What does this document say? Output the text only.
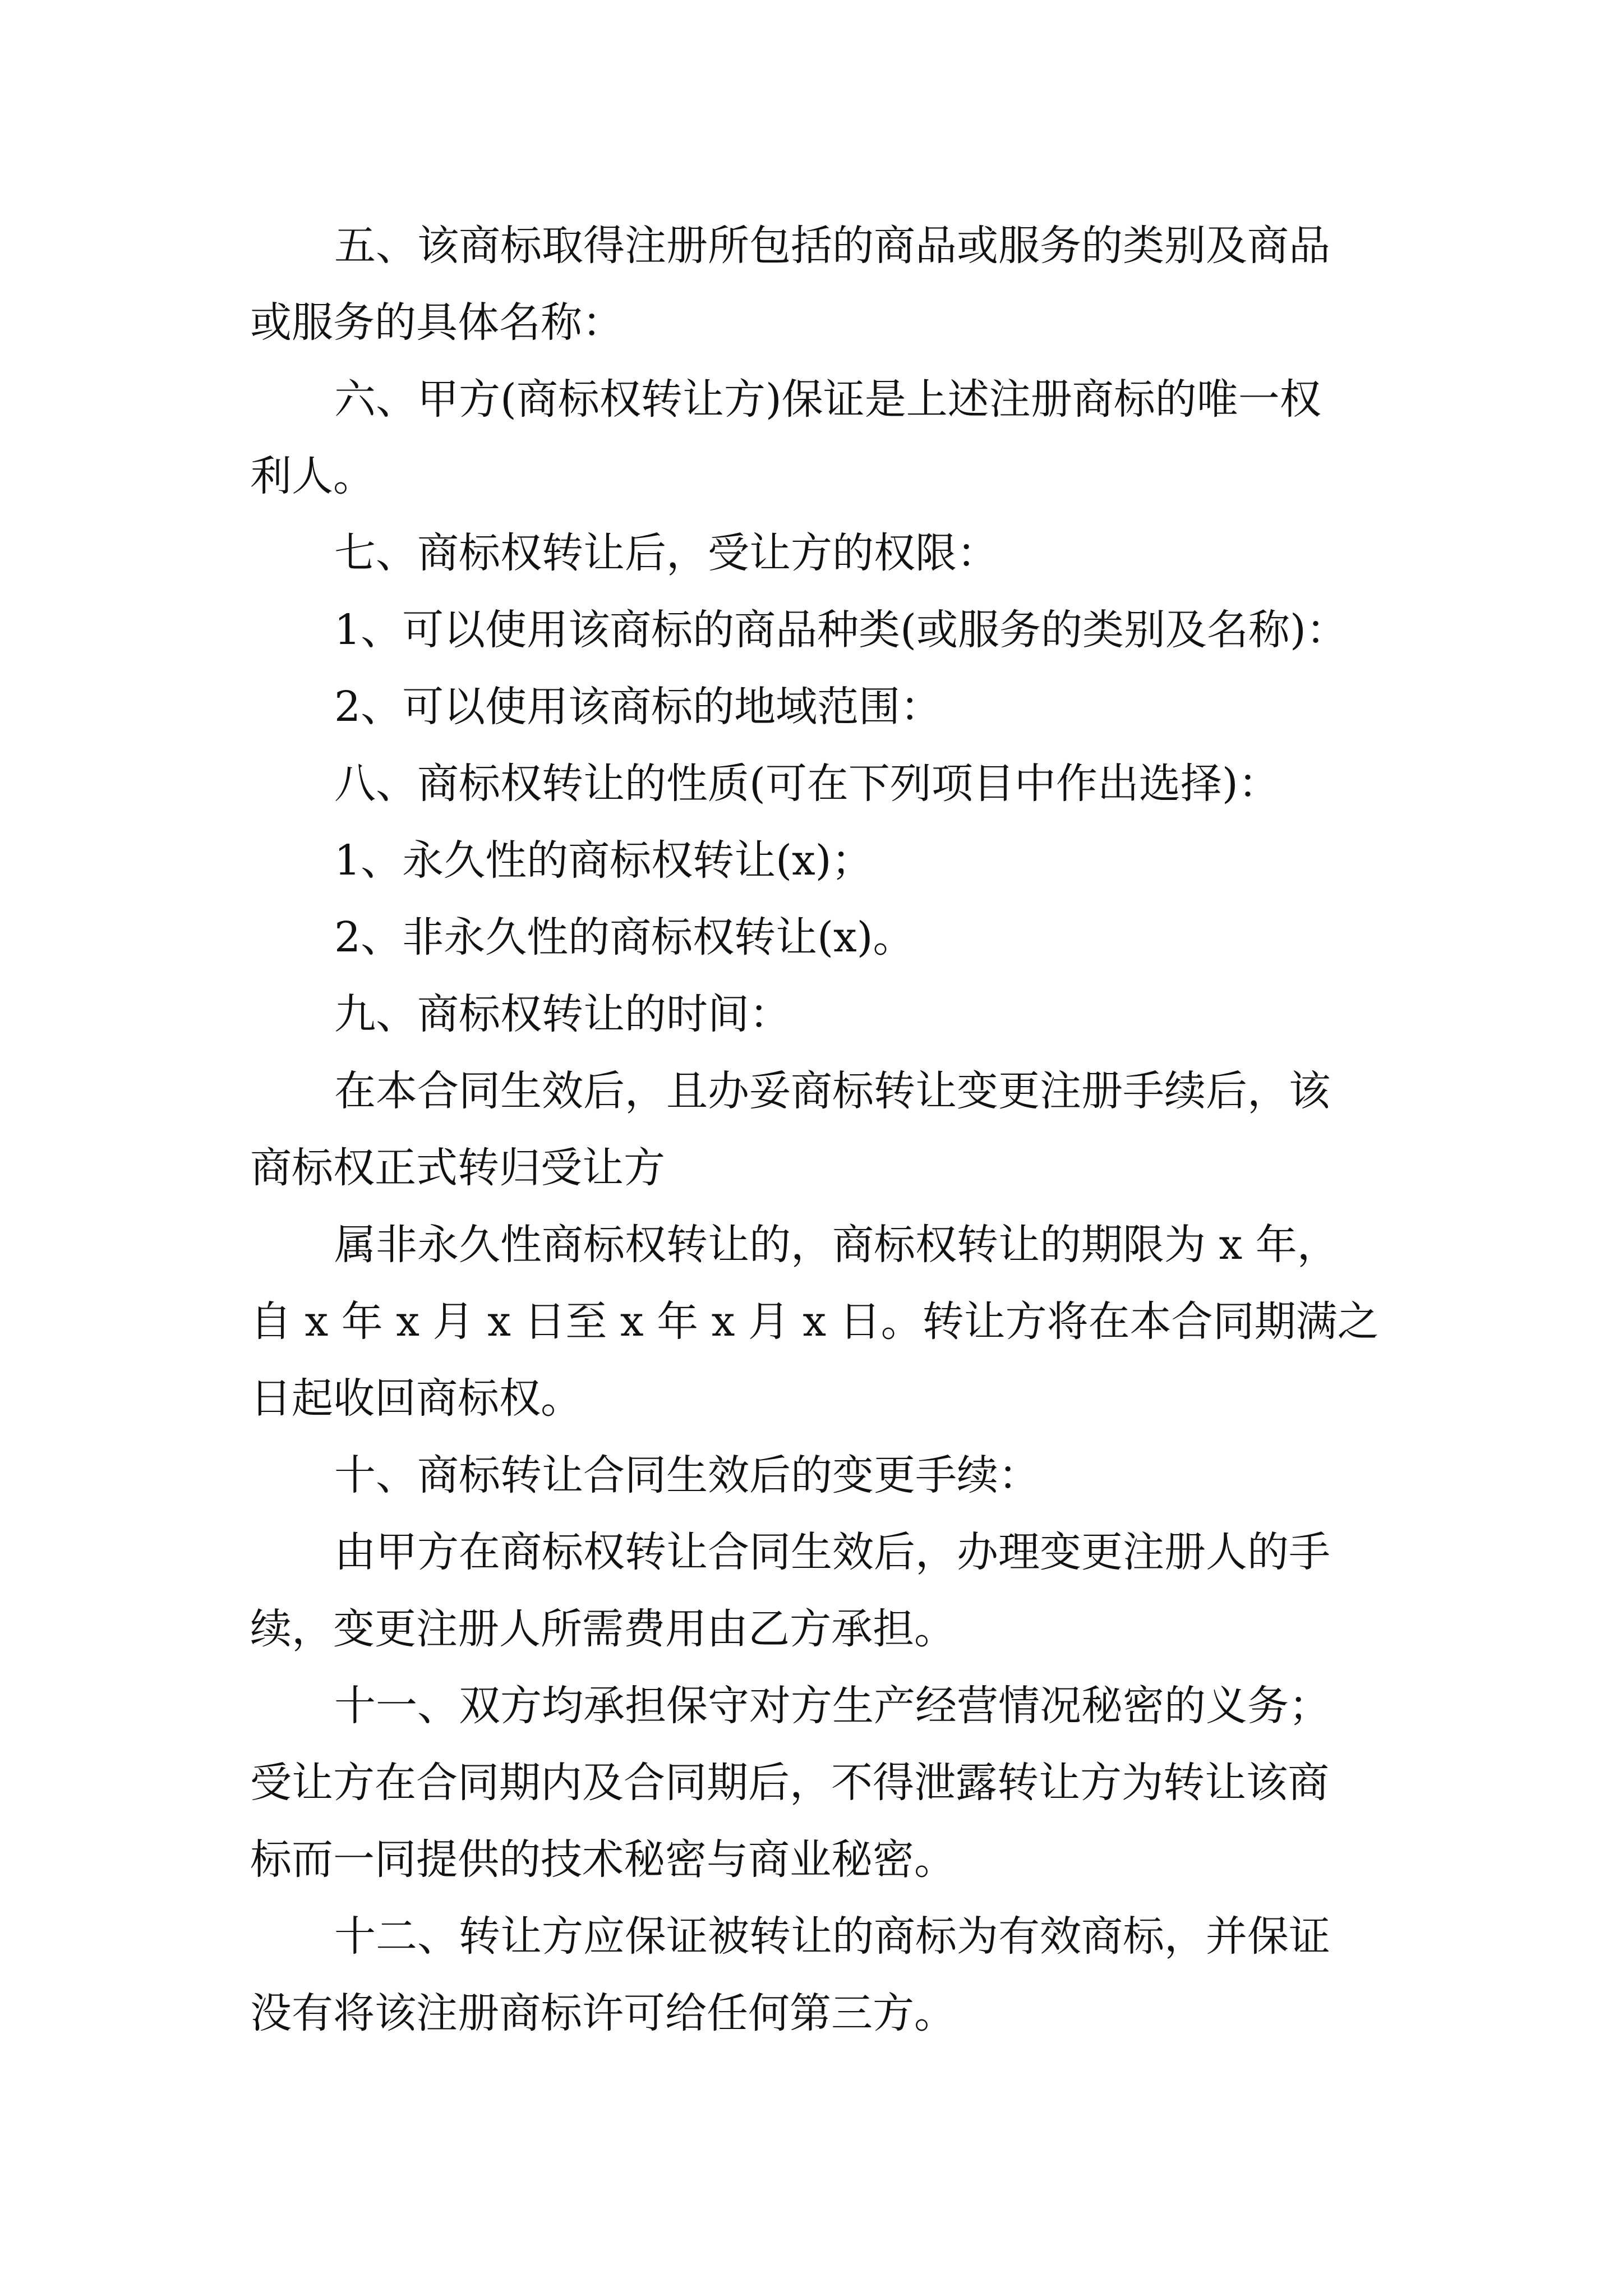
五、该商标取得注册所包括的商品或服务的类别及商品

或服务的具体名称：

六、甲方(商标权转让方)保证是上述注册商标的唯一权

利人。

七、商标权转让后，受让方的权限：

1、可以使用该商标的商品种类(或服务的类别及名称)：

2、可以使用该商标的地域范围：

八、商标权转让的性质(可在下列项目中作出选择)：

1、永久性的商标权转让(x)；

2、非永久性的商标权转让(x)。

九、商标权转让的时间：

在本合同生效后，且办妥商标转让变更注册手续后，该

商标权正式转归受让方

属非永久性商标权转让的，商标权转让的期限为 x 年，

自 x 年 x 月 x 日至 x 年 x 月 x 日。转让方将在本合同期满之

日起收回商标权。

十、商标转让合同生效后的变更手续：

由甲方在商标权转让合同生效后，办理变更注册人的手

续，变更注册人所需费用由乙方承担。

十一、双方均承担保守对方生产经营情况秘密的义务；

受让方在合同期内及合同期后，不得泄露转让方为转让该商

标而一同提供的技术秘密与商业秘密。

十二、转让方应保证被转让的商标为有效商标，并保证

没有将该注册商标许可给任何第三方。
